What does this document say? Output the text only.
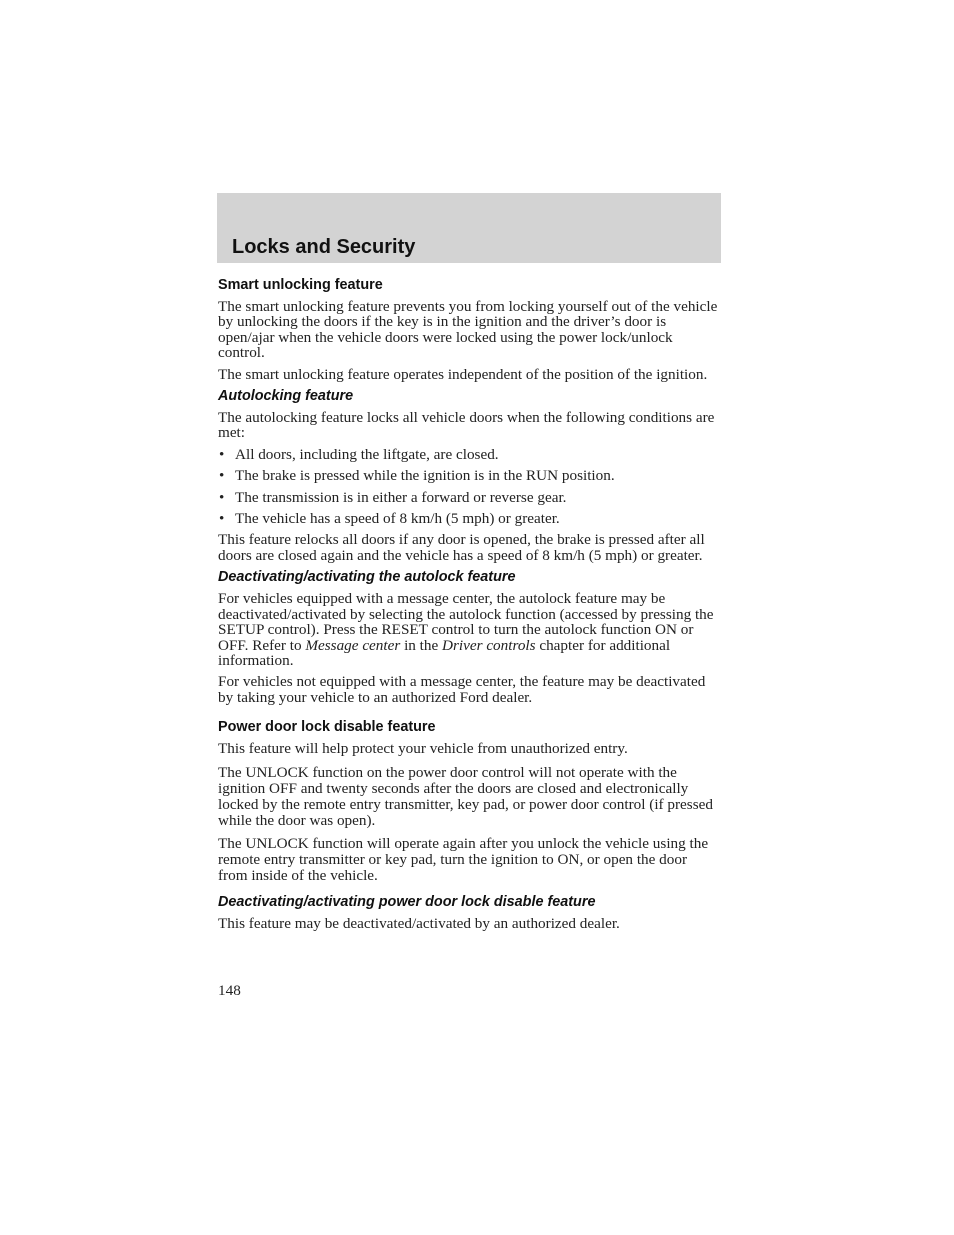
Locks and Security
Smart unlocking feature

The smart unlocking feature prevents you from locking yourself out of the vehicle by unlocking the doors if the key is in the ignition and the driver’s door is open/ajar when the vehicle doors were locked using the power lock/unlock control.

The smart unlocking feature operates independent of the position of the ignition.

Autolocking feature

The autolocking feature locks all vehicle doors when the following conditions are met:

• All doors, including the liftgate, are closed.
• The brake is pressed while the ignition is in the RUN position.
• The transmission is in either a forward or reverse gear.
• The vehicle has a speed of 8 km/h (5 mph) or greater.

This feature relocks all doors if any door is opened, the brake is pressed after all doors are closed again and the vehicle has a speed of 8 km/h (5 mph) or greater.

Deactivating/activating the autolock feature

For vehicles equipped with a message center, the autolock feature may be deactivated/activated by selecting the autolock function (accessed by pressing the SETUP control). Press the RESET control to turn the autolock function ON or OFF. Refer to Message center in the Driver controls chapter for additional information.

For vehicles not equipped with a message center, the feature may be deactivated by taking your vehicle to an authorized Ford dealer.

Power door lock disable feature

This feature will help protect your vehicle from unauthorized entry.

The UNLOCK function on the power door control will not operate with the ignition OFF and twenty seconds after the doors are closed and electronically locked by the remote entry transmitter, key pad, or power door control (if pressed while the door was open).

The UNLOCK function will operate again after you unlock the vehicle using the remote entry transmitter or key pad, turn the ignition to ON, or open the door from inside of the vehicle.

Deactivating/activating power door lock disable feature

This feature may be deactivated/activated by an authorized dealer.

148
